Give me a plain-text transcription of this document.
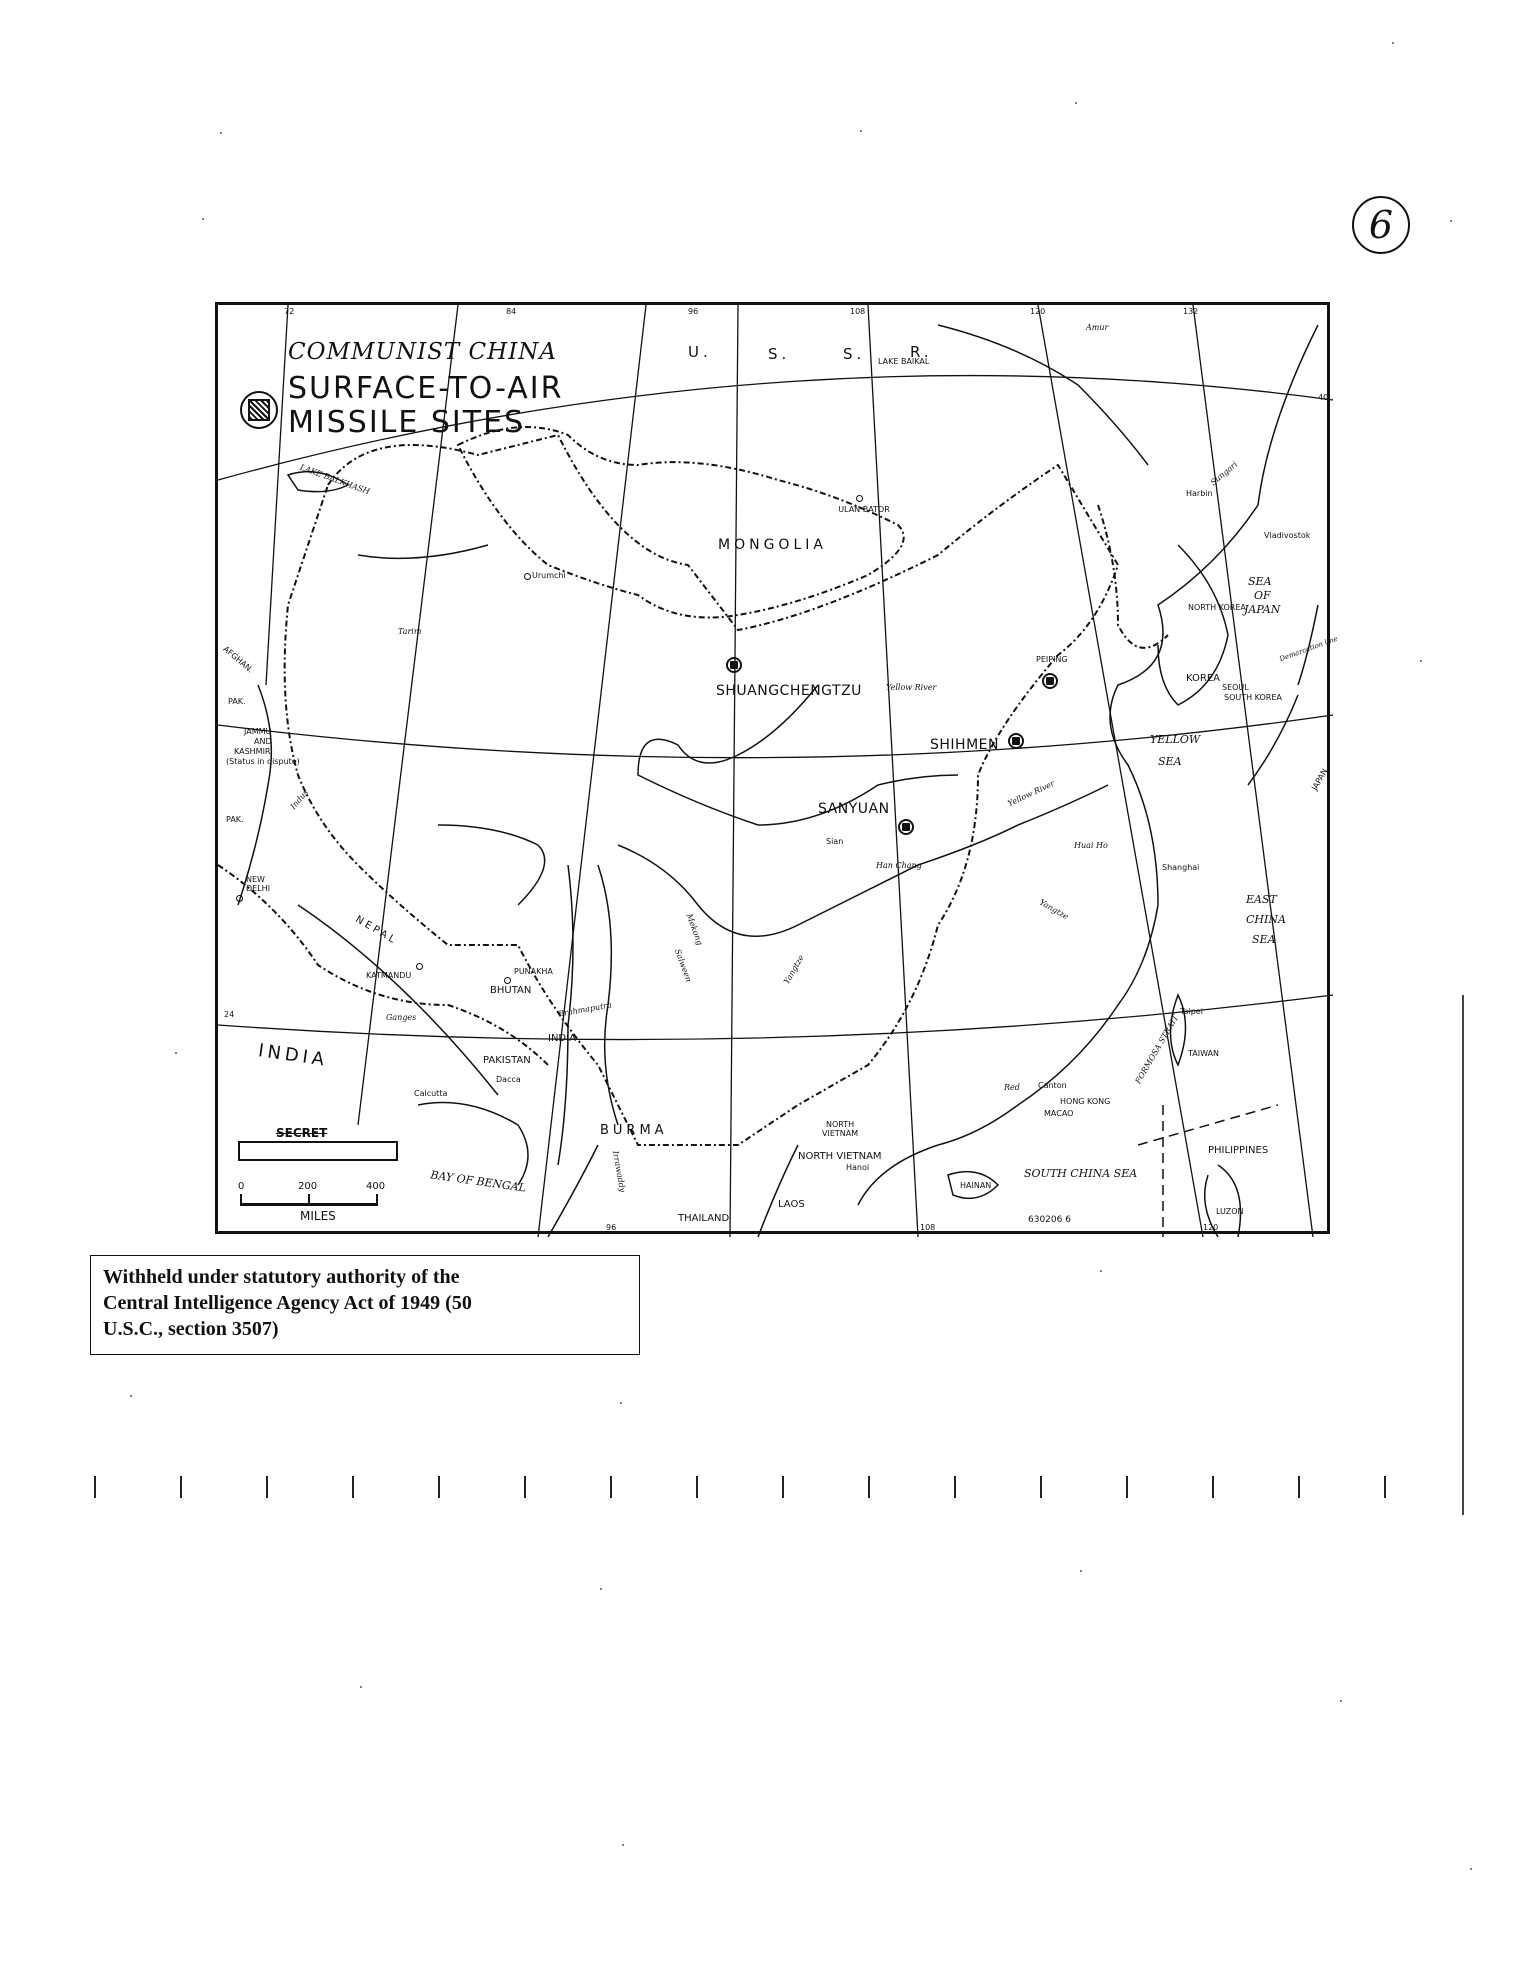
6
COMMUNIST CHINA
SURFACE-TO-AIR
MISSILE SITES
72	84	96	108	120	132
96	108	120
40
24
U.	S.	S.	R.
MONGOLIA
INDIA
INDIA
NEPAL
BHUTAN
PAKISTAN
PAK.
PAK.
AFGHAN.
JAMMU
AND
KASHMIR
(Status in dispute)
BURMA	NORTH
VIETNAM
NORTH VIETNAM
THAILAND
LAOS
NORTH KOREA
KOREA
SOUTH KOREA
PHILIPPINES
TAIWAN
HAINAN
LUZON
SEA
OF
JAPAN
YELLOW
SEA
EAST
CHINA
SEA
SOUTH CHINA SEA
BAY OF BENGAL
LAKE BALKHASH
LAKE BAIKAL
JAPAN
ULAN BATOR
Urumchi
PEIPING
SEOUL
Harbin
Vladivostok
Shanghai
Taipei
Canton
HONG KONG
MACAO
Hanoi
KATMANDU	PUNAKHA
NEW DELHI
Calcutta
Dacca
Sian
Amur
Sungari
Yellow River
Yellow River
Yangtze
Yangtze
Mekong
Salween
Ganges
Indus
Brahmaputra
Tarim
Huai Ho
Han Chang
Irrawaddy
Red
Demarcation line
FORMOSA STRAIT
SHUANGCHENGTZU
SHIHMEN
SANYUAN
SECRET
0	200	400
MILES	630206 6
Withheld under statutory authority of the
Central Intelligence Agency Act of 1949 (50
U.S.C., section 3507)
